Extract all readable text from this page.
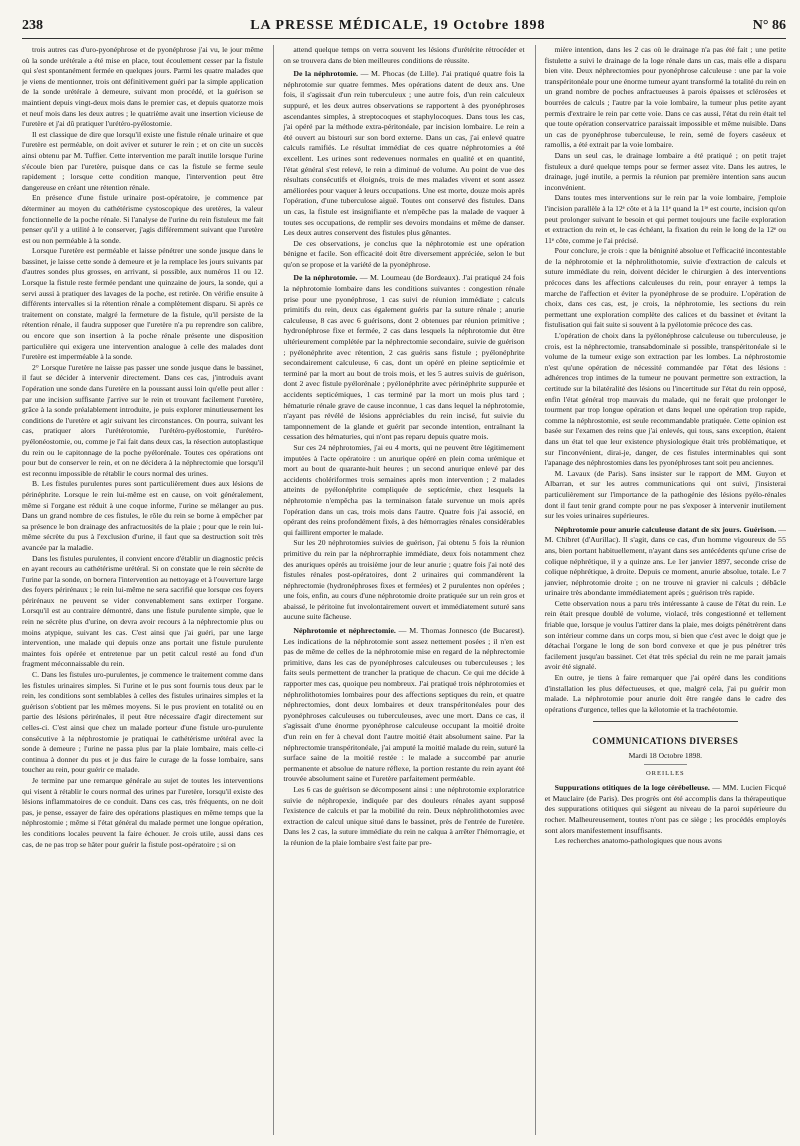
238	LA PRESSE MÉDICALE, 19 Octobre 1898	N° 86

trois autres cas d'uro-pyonéphrose et de pyonéphrose j'ai vu, le jour même où la sonde urétérale a été mise en place, tout écoulement cesser par la fistule qui s'est spontanément fermée en quelques jours. Parmi les quatre malades que je viens de mentionner, trois ont définitivement guéri par la simple application de la sonde urétérale à demeure, suivant mon procédé, et la guérison se maintient depuis vingt-deux mois dans le premier cas, et depuis quatorze mois et neuf mois dans les deux autres ; le quatrième avait une insertion vicieuse de l'uretère et j'ai dû pratiquer l'urétéro-pyélostomie.

Il est classique de dire que lorsqu'il existe une fistule rénale urinaire et que l'uretère est perméable, on doit aviver et suturer le rein ; et on cite un succès ainsi obtenu par M. Tuffier. Cette intervention me paraît inutile lorsque l'urine s'écoule bien par l'uretère, puisque dans ce cas la fistule se ferme seule rapidement ; lorsque cette condition manque, l'intervention peut être dangereuse en créant une rétention rénale.

En présence d'une fistule urinaire post-opératoire, je commence par déterminer au moyen du cathétérisme cystoscopique des uretères, la valeur fonctionnelle de la poche rénale. Si l'analyse de l'urine du rein fistuleux me fait penser qu'il y a utilité à le conserver, j'agis différemment suivant que l'uretère est ou non perméable à la sonde.

Lorsque l'uretère est perméable et laisse pénétrer une sonde jusque dans le bassinet, je laisse cette sonde à demeure et je la remplace les jours suivants par d'autres sondes plus grosses, en arrivant, si possible, aux numéros 11 ou 12. Lorsque la fistule reste fermée pendant une quinzaine de jours, la sonde, qui a servi aussi à pratiquer des lavages de la poche, est retirée. On vérifie ensuite à différents intervalles si la rétention rénale a complètement disparu. Si après ce traitement on constate, malgré la fermeture de la fistule, qu'il persiste de la rétention rénale, il faudra supposer que l'uretère n'a pu reprendre son calibre, ou encore que son insertion à la poche rénale présente une disposition particulière qui exigera une intervention analogue à celle des malades dont l'uretère est imperméable à la sonde.

2° Lorsque l'uretère ne laisse pas passer une sonde jusque dans le bassinet, il faut se décider à intervenir directement. Dans ces cas, j'introduis avant l'opération une sonde dans l'uretère en la poussant aussi loin qu'elle peut aller : par une incision suffisante j'arrive sur le rein et trouvant facilement l'uretère, grâce à la sonde préalablement introduite, je puis explorer minutieusement les conditions de l'uretère et agir suivant les circonstances. On pourra, suivant les cas, pratiquer alors l'urétérotomie, l'urétéro-pyélostomie, l'urétéro-pyélonéostomie, ou, comme je l'ai fait dans deux cas, la résection autoplastique du rein ou le capitonnage de la poche pyélorénale. Toutes ces opérations ont pour but de conserver le rein, et on ne décidera à la néphrectomie que lorsqu'il est reconnu impossible de rétablir le cours normal des urines.

B. Les fistules purulentes pures sont particulièrement dues aux lésions de périnéphrite. Lorsque le rein lui-même est en cause, on voit généralement, même si l'organe est réduit à une coque informe, l'urine se mélanger au pus. Dans un grand nombre de ces fistules, le rôle du rein se borne à empêcher par sa présence le bon drainage des anfractuosités de la plaie ; pour que le rein lui-même sécrète du pus à l'exclusion d'urine, il faut que sa destruction soit très avancée par la maladie.

Dans les fistules purulentes, il convient encore d'établir un diagnostic précis en ayant recours au cathétérisme urétéral. Si on constate que le rein sécrète de l'urine par la sonde, on bornera l'intervention au nettoyage et à l'ouverture large des foyers périrénaux ; le rein lui-même ne sera sacrifié que lorsque ces foyers périrénaux ne peuvent se vider convenablement sans extirper l'organe. Lorsqu'il est au contraire démontré, dans une fistule purulente simple, que le rein ne sécrète plus d'urine, on devra avoir recours à la néphrectomie plus ou moins atypique, suivant les cas. C'est ainsi que j'ai guéri, par une large intervention, une malade qui depuis onze ans portait une fistule purulente maintes fois opérée et entretenue par un petit calcul resté au fond d'un fragment méconnaissable du rein.

C. Dans les fistules uro-purulentes, je commence le traitement comme dans les fistules urinaires simples. Si l'urine et le pus sont fournis tous deux par le rein, les conditions sont semblables à celles des fistules urinaires simples et la guérison s'obtient par les mêmes moyens. Si le pus provient en totalité ou en partie des lésions périrénales, il peut être nécessaire d'agir directement sur celles-ci. C'est ainsi que chez un malade porteur d'une fistule uro-purulente consécutive à la néphrostomie je pratiquai le cathétérisme urétéral avec la sonde à demeure ; l'urine ne passa plus par la plaie lombaire, mais celle-ci continua à donner du pus et je dus faire le curage de la fosse lombaire, sans toucher au rein, pour guérir ce malade.

Je termine par une remarque générale au sujet de toutes les interventions qui visent à rétablir le cours normal des urines par l'uretère, lorsqu'il existe des lésions inflammatoires de ce conduit. Dans ces cas, très fréquents, on ne doit pas, je pense, essayer de faire des opérations plastiques en même temps que la néphrostomie ; même si l'état général du malade permet une longue opération, les conditions locales peuvent la faire échouer. Je crois utile, aussi dans ces cas, de ne pas trop se hâter pour guérir la fistule post-opératoire ; si on

attend quelque temps on verra souvent les lésions d'urétérite rétrocéder et on se trouvera dans de bien meilleures conditions de réussite.

De la néphrotomie. — M. Phocas (de Lille). J'ai pratiqué quatre fois la néphrotomie sur quatre femmes. Mes opérations datent de deux ans. Une fois, il s'agissait d'un rein tuberculeux ; une autre fois, d'un rein calculeux suppuré, et les deux autres observations se rapportent à des pyonéphroses ascendantes simples, à streptocoques et staphylocoques. Dans tous les cas, j'ai opéré par la méthode extra-péritonéale, par incision lombaire. Le rein a été ouvert au bistouri sur son bord externe. Dans un cas, j'ai enlevé quatre calculs ramifiés. Le résultat immédiat de ces quatre néphrotomies a été excellent. Les urines sont redevenues normales en qualité et en quantité, l'état général s'est relevé, le rein a diminué de volume. Au point de vue des résultats consécutifs et éloignés, trois de mes malades vivent et sont assez améliorées pour vaquer à leurs occupations. Une est morte, douze mois après l'opération, d'une tuberculose aiguë. Toutes ont conservé des fistules. Dans un cas, la fistule est insignifiante et n'empêche pas la malade de vaquer à toutes ses occupations, de remplir ses devoirs mondains et même de danser. Les deux autres conservent des fistules plus gênantes.

De ces observations, je conclus que la néphrotomie est une opération bénigne et facile. Son efficacité doit être diversement appréciée, selon le but qu'on se propose et la variété de la pyonéphrose.

De la néphrotomie. — M. Loumeau (de Bordeaux). J'ai pratiqué 24 fois la néphrotomie lombaire dans les conditions suivantes : congestion rénale prise pour une pyonéphrose, 1 cas suivi de réunion immédiate ; calculs primitifs du rein, deux cas également guéris par la suture rénale ; anurie calculeuse, 8 cas avec 6 guérisons, dont 2 obtenues par réunion primitive ; hydronéphrose fixe et fermée, 2 cas dans lesquels la néphrotomie dut être ultérieurement complétée par la néphrectomie secondaire, suivie de guérison ; pyélonéphrite avec rétention, 2 cas guéris sans fistule ; pyélonéphrite secondairement calculeuse, 6 cas, dont un opéré en pleine septicémie et terminé par la mort au bout de trois mois, et les 5 autres suivis de guérison, dont 2 avec fistule pyélorénale ; pyélonéphrite avec périnéphrite suppurée et accidents septicémiques, 1 cas terminé par la mort un mois plus tard ; hématurie rénale grave de cause inconnue, 1 cas dans lequel la néphrotomie, n'ayant pas révélé de lésions appréciables du rein incisé, fut suivie du tamponnement de la glande et guérit par seconde intention, entraînant la cessation des hématuries, qui n'ont pas reparu depuis quatre mois.

Sur ces 24 néphrotomies, j'ai eu 4 morts, qui ne peuvent être légitimement imputées à l'acte opératoire : un anurique opéré en plein coma urémique et mort au bout de quarante-huit heures ; un second anurique enlevé par des accidents cholériformes trois semaines après mon intervention ; 2 malades atteints de pyélonéphrite compliquée de septicémie, chez lesquels la néphrotomie n'empêcha pas la terminaison fatale survenue un mois après l'opération dans un cas, trois mois dans l'autre. Quatre fois j'ai associé, en opérant des reins profondément fixés, à des hémorragies rénales considérables qui faillirent emporter le malade.

Sur les 20 néphrotomies suivies de guérison, j'ai obtenu 5 fois la réunion primitive du rein par la néphrorraphie immédiate, deux fois notamment chez des anuriques opérés au troisième jour de leur anurie ; quatre fois j'ai noté des fistules rénales post-opératoires, dont 2 urinaires qui commandèrent la néphrectomie (hydronéphroses fixes et fermées) et 2 purulentes non opérées ; une fois, enfin, au cours d'une néphrotomie droite pratiquée sur un rein gros et abaissé, le péritoine fut involontairement ouvert et immédiatement suturé sans aucune suite fâcheuse.

Néphrotomie et néphrectomie. — M. Thomas Jonnesco (de Bucarest). Les indications de la néphrotomie sont assez nettement posées ; il n'en est pas de même de celles de la néphrotomie mise en regard de la néphrectomie primitive, dans les cas de pyonéphroses calculeuses ou tuberculeuses ; les faits seuls permettent de trancher la pratique de chacun. Ce qui me décide à rapporter mes cas, quoique peu nombreux. J'ai pratiqué trois néphrotomies et néphrolithotomies lombaires pour des affections septiques du rein, et quatre néphrectomies, dont deux lombaires et deux transpéritonéales pour des pyonéphroses calculeuses ou tuberculeuses, avec une mort. Dans ce cas, il s'agissait d'une énorme pyonéphrose calculeuse occupant la moitié droite d'un rein en fer à cheval dont l'autre moitié était absolument saine. Par la néphrectomie transpéritonéale, j'ai amputé la moitié malade du rein, suturé la surface saine de la moitié restée : le malade a succombé par anurie permanente et absolue de nature réflexe, la portion restante du rein ayant été trouvée absolument saine et l'uretère parfaitement perméable.

Les 6 cas de guérison se décomposent ainsi : une néphrotomie exploratrice suivie de néphropexie, indiquée par des douleurs rénales ayant supposé l'existence de calculs et par la mobilité du rein. Deux néphrolithotomies avec extraction de calcul unique situé dans le bassinet, près de l'entrée de l'uretère. Dans les 2 cas, la suture immédiate du rein ne calqua à arrêter l'hémorragie, et la réunion de la plaie lombaire s'est faite par pre-

mière intention, dans les 2 cas où le drainage n'a pas été fait ; une petite fistulette a suivi le drainage de la loge rénale dans un cas, mais elle a disparu bien vite. Deux néphrectomies pour pyonéphrose calculeuse : une par la voie transpéritonéale pour une énorme tumeur ayant transformé la totalité du rein en un grand nombre de poches anfractueuses à parois épaisses et sclérosées et bourrées de calculs ; l'autre par la voie lombaire, la tumeur plus petite ayant permis d'extraire le rein par cette voie. Dans ce cas aussi, l'état du rein était tel que toute opération conservatrice paraissait impossible et même nuisible. Dans un cas de pyonéphrose tuberculeuse, le rein, semé de foyers caséeux et ramollis, a été extrait par la voie lombaire.

Dans un seul cas, le drainage lombaire a été pratiqué ; on petit trajet fistuleux a duré quelque temps pour se fermer assez vite. Dans les autres, le drainage, jugé inutile, a permis la réunion par première intention sans aucun inconvénient.

Dans toutes mes interventions sur le rein par la voie lombaire, j'emploie l'incision parallèle à la 12ᵉ côte et à la 11ᵉ quand la 1ʳᵉ est courte, incision qu'on peut prolonger suivant le besoin et qui permet toujours une facile exploration et extraction du rein et, le cas échéant, la fixation du rein le long de la 12ᵉ ou 11ᵉ côte, comme je l'ai précisé.

Pour conclure, je crois : que la bénignité absolue et l'efficacité incontestable de la néphrotomie et la néphrolithotomie, suivie d'extraction de calculs et suture immédiate du rein, doivent décider le chirurgien à des interventions précoces dans les affections calculeuses du rein, pour enrayer à temps la marche de l'affection et éviter la pyonéphrose de se produire. L'opération de choix, dans ces cas, est, je crois, la néphrotomie, les sections du rein permettant une exploration complète des calices et du bassinet et évitant la fistulisation qui fait suite si souvent à la pyélotomie précoce des cas.

L'opération de choix dans la pyélonéphrose calculeuse ou tuberculeuse, je crois, est la néphrectomie, transabdominale si possible, transpéritonéale si le volume de la tumeur exige son extraction par les lombes. La néphrostomie n'est qu'une opération de nécessité commandée par l'état des lésions : adhérences trop intimes de la tumeur ne pouvant permettre son extraction, la certitude sur la bilatéralité des lésions ou l'incertitude sur l'état du rein opposé, enfin l'état général trop mauvais du malade, qui ne ferait que prolonger le tourment par trop longue opération et dans lequel une opération trop rapide, comme la néphrostomie, est seule recommandable pratiquée. Cette opinion est basée sur l'examen des reins que j'ai enlevés, qui tous, sans exception, étaient dans un état tel que leur existence physiologique était très problématique, et sur l'inconvénient, dirai-je, danger, de ces fistules interminables qui sont l'apanage des néphrostomies dans les pyonéphroses tant soit peu anciennes.

M. Lavaux (de Paris). Sans insister sur le rapport de MM. Guyon et Albarran, et sur les autres communications qui ont suivi, j'insisterai particulièrement sur l'importance de la pathogénie des lésions pyélo-rénales dont il faut tenir grand compte pour ne pas s'exposer à intervenir inutilement sur les voies urinaires supérieures.

Néphrotomie pour anurie calculeuse datant de six jours. Guérison. — M. Chibret (d'Aurillac). Il s'agit, dans ce cas, d'un homme vigoureux de 55 ans, bien portant habituellement, n'ayant dans ses antécédents qu'une crise de colique néphrétique, il y a quinze ans. Le 1er janvier 1897, seconde crise de colique néphrétique, à droite. Depuis ce moment, anurie absolue, totale. Le 7 janvier, néphrotomie droite ; on ne trouve ni gravier ni calculs ; débâcle urinaire très abondante immédiatement après ; guérison très rapide.

Cette observation nous a paru très intéressante à cause de l'état du rein. Le rein était presque doublé de volume, violacé, très congestionné et tellement friable que, lorsque je voulus l'attirer dans la plaie, mes doigts pénétrèrent dans son intérieur comme dans un corps mou, si bien que c'est avec le doigt que je détachai l'organe le long de son bord convexe et que je pus pénétrer très facilement jusqu'au bassinet. Cet état très spécial du rein ne me parait jamais avoir été signalé.

En outre, je tiens à faire remarquer que j'ai opéré dans les conditions d'installation les plus défectueuses, et que, malgré cela, j'ai pu guérir mon malade. La néphrotomie pour anurie doit être rangée dans le cadre des opérations d'urgence, telles que la kélotomie et la trachéotomie.

COMMUNICATIONS DIVERSES
Mardi 18 Octobre 1898.
OREILLES
Suppurations otitiques de la loge cérébelleuse. — MM. Lucien Ficqué et Mauclaire (de Paris). Des progrès ont été accomplis dans la thérapeutique des suppurations otitiques qui siègent au niveau de la paroi supérieure du rocher. Malheureusement, toutes n'ont pas ce siège ; les procédés employés sont alors manifestement insuffisants.

Les recherches anatomo-pathologiques que nous avons
